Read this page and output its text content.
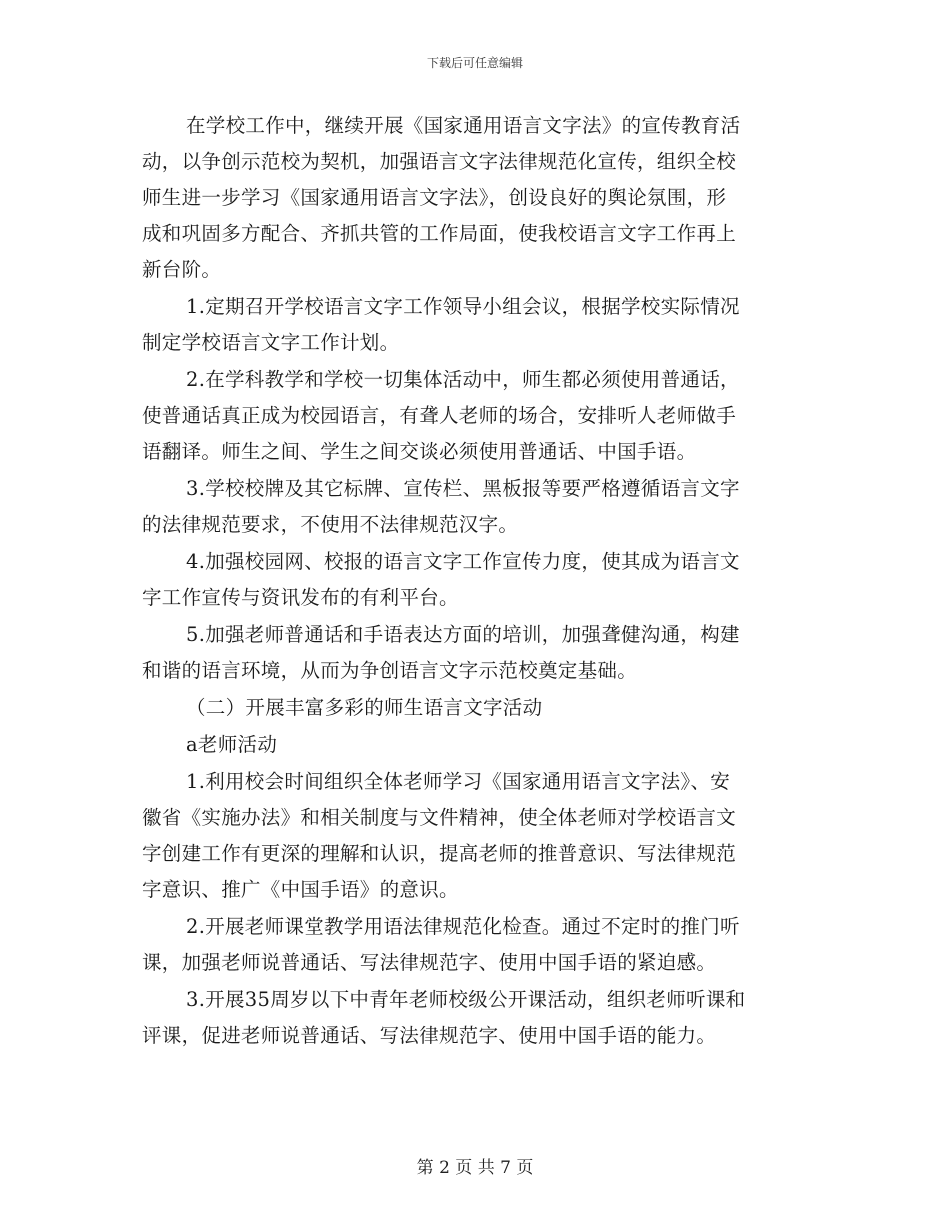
下载后可任意编辑
在学校工作中，继续开展《国家通用语言文字法》的宣传教育活
动，以争创示范校为契机，加强语言文字法律规范化宣传，组织全校
师生进一步学习《国家通用语言文字法》，创设良好的舆论氛围，形
成和巩固多方配合、齐抓共管的工作局面，使我校语言文字工作再上
新台阶。
1.定期召开学校语言文字工作领导小组会议，根据学校实际情况
制定学校语言文字工作计划。
2.在学科教学和学校一切集体活动中，师生都必须使用普通话，
使普通话真正成为校园语言，有聋人老师的场合，安排听人老师做手
语翻译。师生之间、学生之间交谈必须使用普通话、中国手语。
3.学校校牌及其它标牌、宣传栏、黑板报等要严格遵循语言文字
的法律规范要求，不使用不法律规范汉字。
4.加强校园网、校报的语言文字工作宣传力度，使其成为语言文
字工作宣传与资讯发布的有利平台。
5.加强老师普通话和手语表达方面的培训，加强聋健沟通，构建
和谐的语言环境，从而为争创语言文字示范校奠定基础。
（二）开展丰富多彩的师生语言文字活动
a老师活动
1.利用校会时间组织全体老师学习《国家通用语言文字法》、安
徽省《实施办法》和相关制度与文件精神，使全体老师对学校语言文
字创建工作有更深的理解和认识，提高老师的推普意识、写法律规范
字意识、推广《中国手语》的意识。
2.开展老师课堂教学用语法律规范化检查。通过不定时的推门听
课，加强老师说普通话、写法律规范字、使用中国手语的紧迫感。
3.开展35周岁以下中青年老师校级公开课活动，组织老师听课和
评课，促进老师说普通话、写法律规范字、使用中国手语的能力。
第 2 页 共 7 页
